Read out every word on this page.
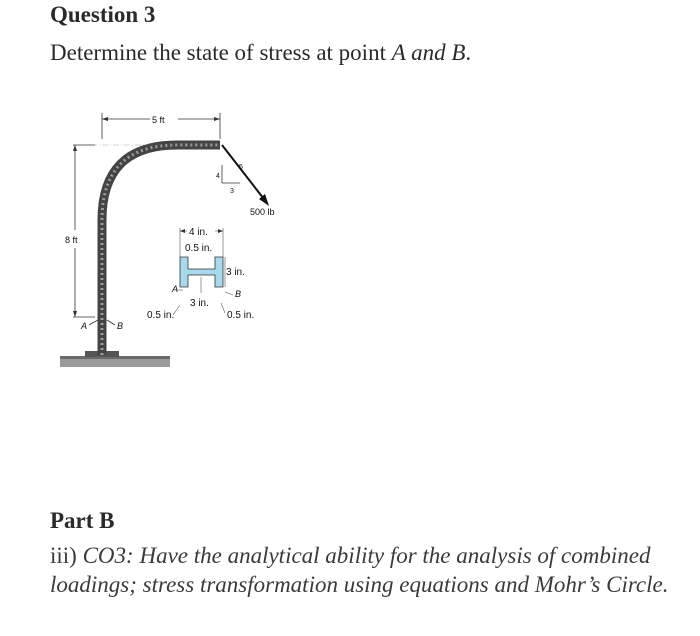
Question 3

Determine the state of stress at point A and B.

5 ft
8 ft
A	B
5
4
3
500 lb
4 in.
0.5 in.
3 in.
3 in.
A	B
0.5 in.	0.5 in.
Part B

iii) CO3: Have the analytical ability for the analysis of combined loadings; stress transformation using equations and Mohr’s Circle.
